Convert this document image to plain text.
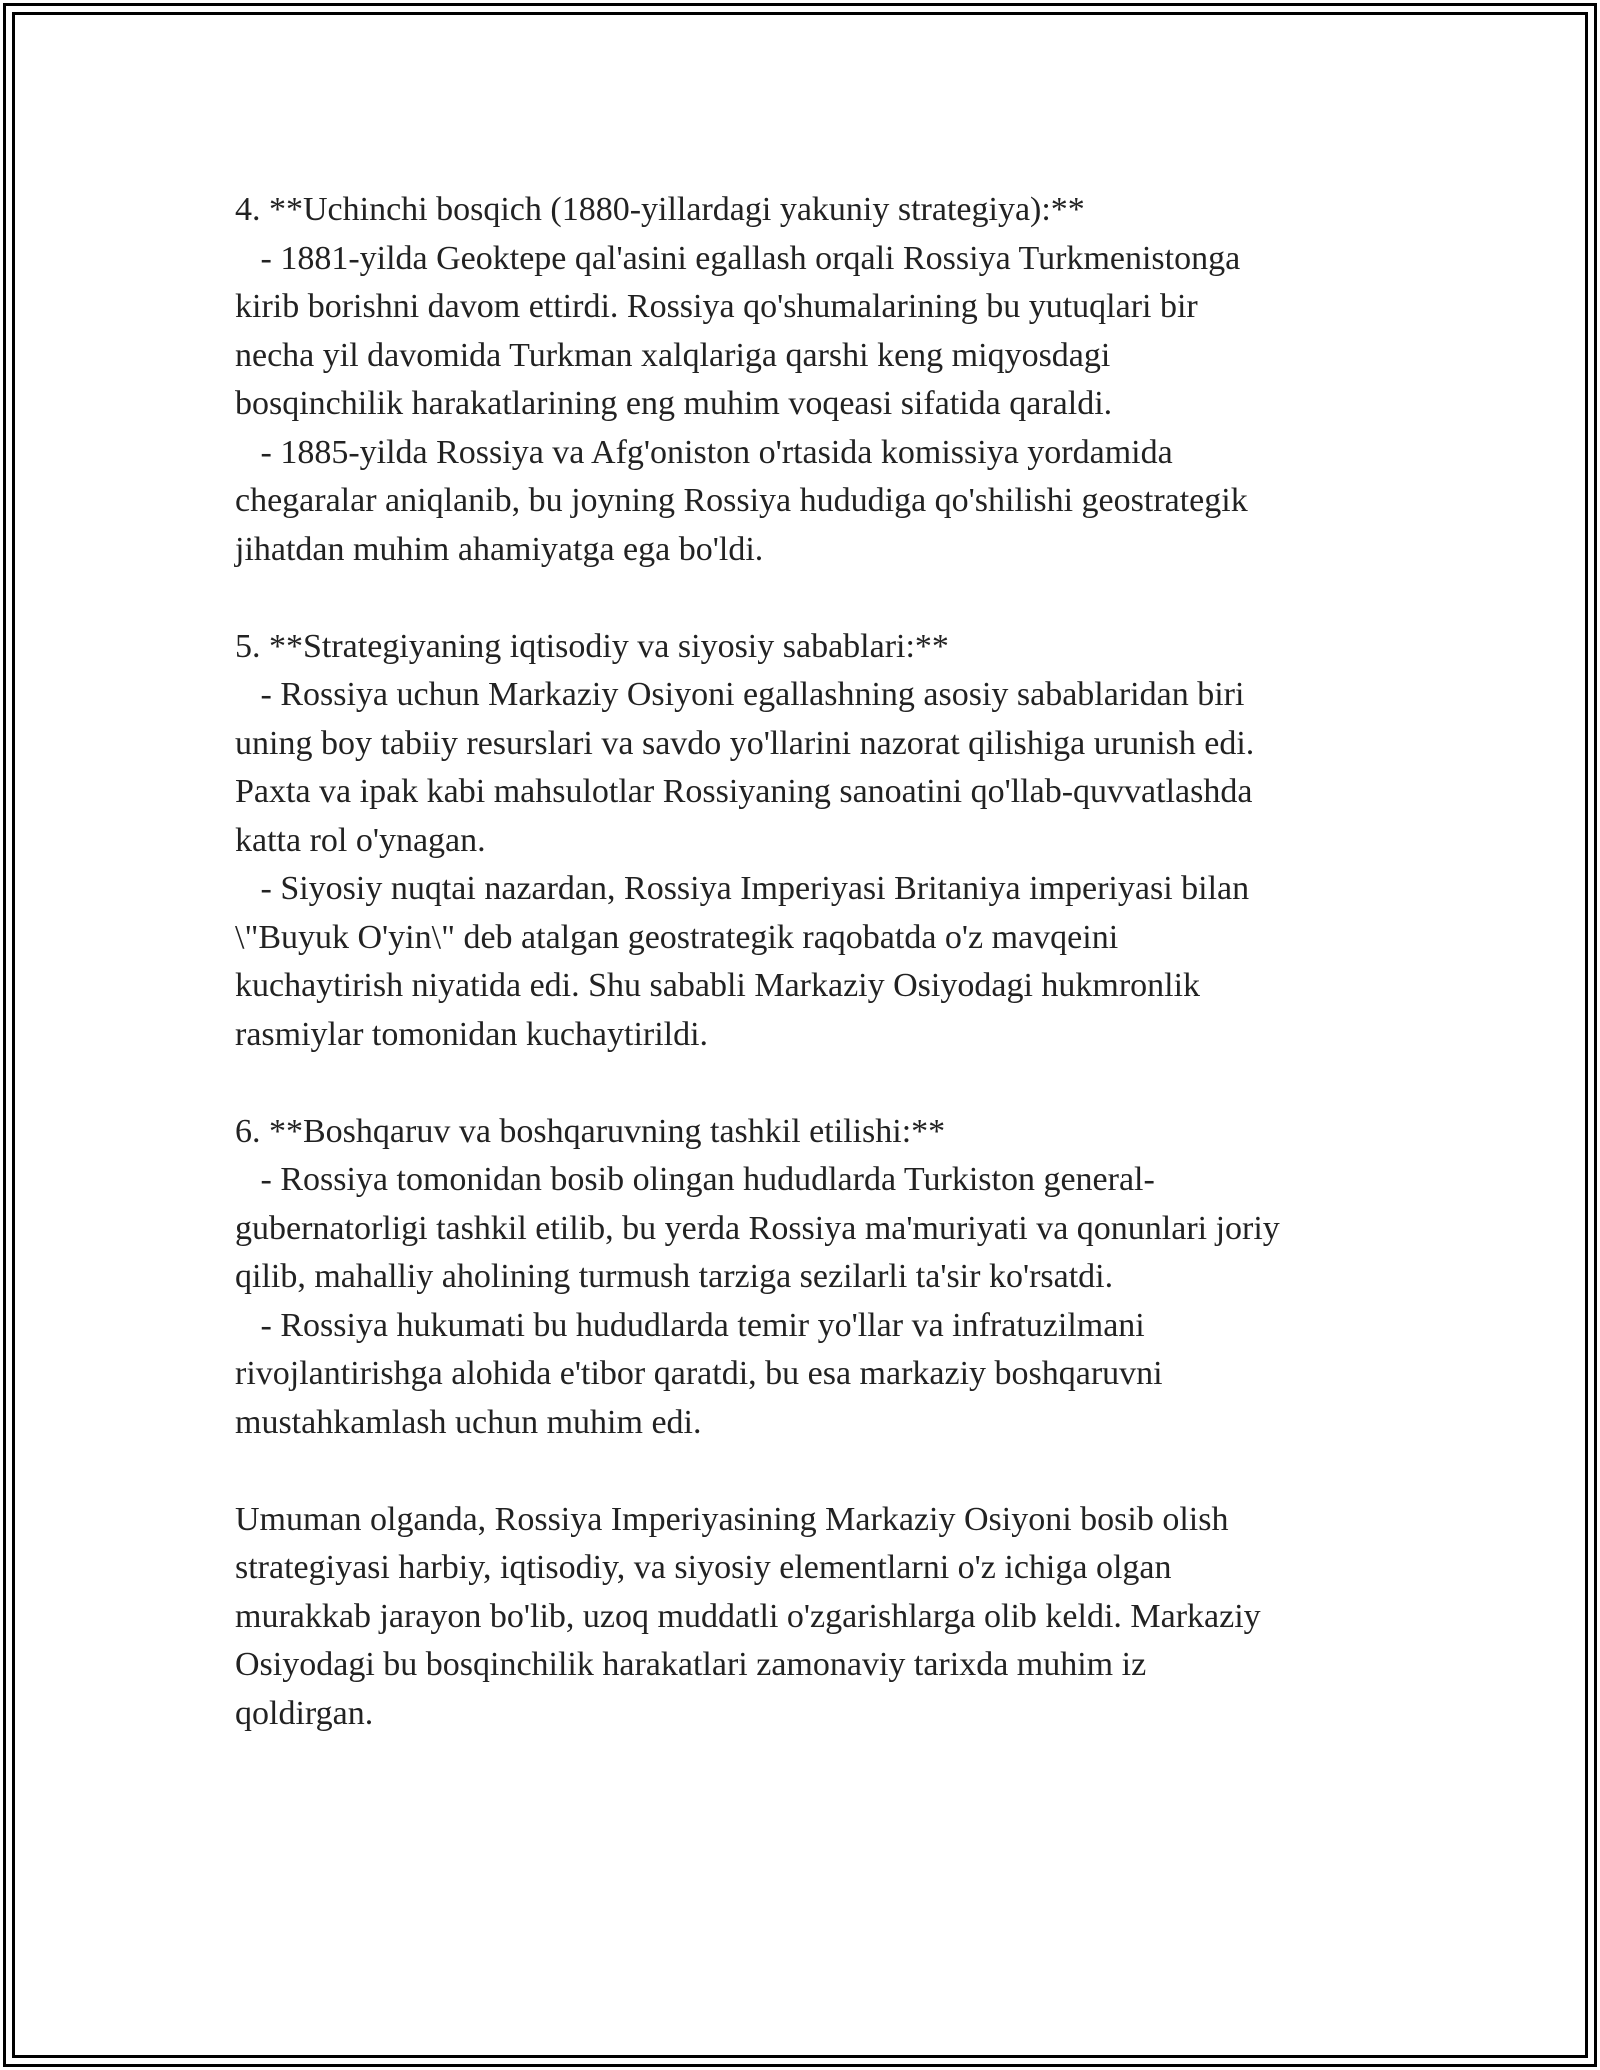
4. **Uchinchi bosqich (1880-yillardagi yakuniy strategiya):**
- 1881-yilda Geoktepe qal'asini egallash orqali Rossiya Turkmenistonga
kirib borishni davom ettirdi. Rossiya qo'shumalarining bu yutuqlari bir
necha yil davomida Turkman xalqlariga qarshi keng miqyosdagi
bosqinchilik harakatlarining eng muhim voqeasi sifatida qaraldi.
- 1885-yilda Rossiya va Afg'oniston o'rtasida komissiya yordamida
chegaralar aniqlanib, bu joyning Rossiya hududiga qo'shilishi geostrategik
jihatdan muhim ahamiyatga ega bo'ldi.
5. **Strategiyaning iqtisodiy va siyosiy sabablari:**
- Rossiya uchun Markaziy Osiyoni egallashning asosiy sabablaridan biri
uning boy tabiiy resurslari va savdo yo'llarini nazorat qilishiga urunish edi.
Paxta va ipak kabi mahsulotlar Rossiyaning sanoatini qo'llab-quvvatlashda
katta rol o'ynagan.
- Siyosiy nuqtai nazardan, Rossiya Imperiyasi Britaniya imperiyasi bilan
\"Buyuk O'yin\" deb atalgan geostrategik raqobatda o'z mavqeini
kuchaytirish niyatida edi. Shu sababli Markaziy Osiyodagi hukmronlik
rasmiylar tomonidan kuchaytirildi.
6. **Boshqaruv va boshqaruvning tashkil etilishi:**
- Rossiya tomonidan bosib olingan hududlarda Turkiston general-
gubernatorligi tashkil etilib, bu yerda Rossiya ma'muriyati va qonunlari joriy
qilib, mahalliy aholining turmush tarziga sezilarli ta'sir ko'rsatdi.
- Rossiya hukumati bu hududlarda temir yo'llar va infratuzilmani
rivojlantirishga alohida e'tibor qaratdi, bu esa markaziy boshqaruvni
mustahkamlash uchun muhim edi.
Umuman olganda, Rossiya Imperiyasining Markaziy Osiyoni bosib olish
strategiyasi harbiy, iqtisodiy, va siyosiy elementlarni o'z ichiga olgan
murakkab jarayon bo'lib, uzoq muddatli o'zgarishlarga olib keldi. Markaziy
Osiyodagi bu bosqinchilik harakatlari zamonaviy tarixda muhim iz
qoldirgan.
